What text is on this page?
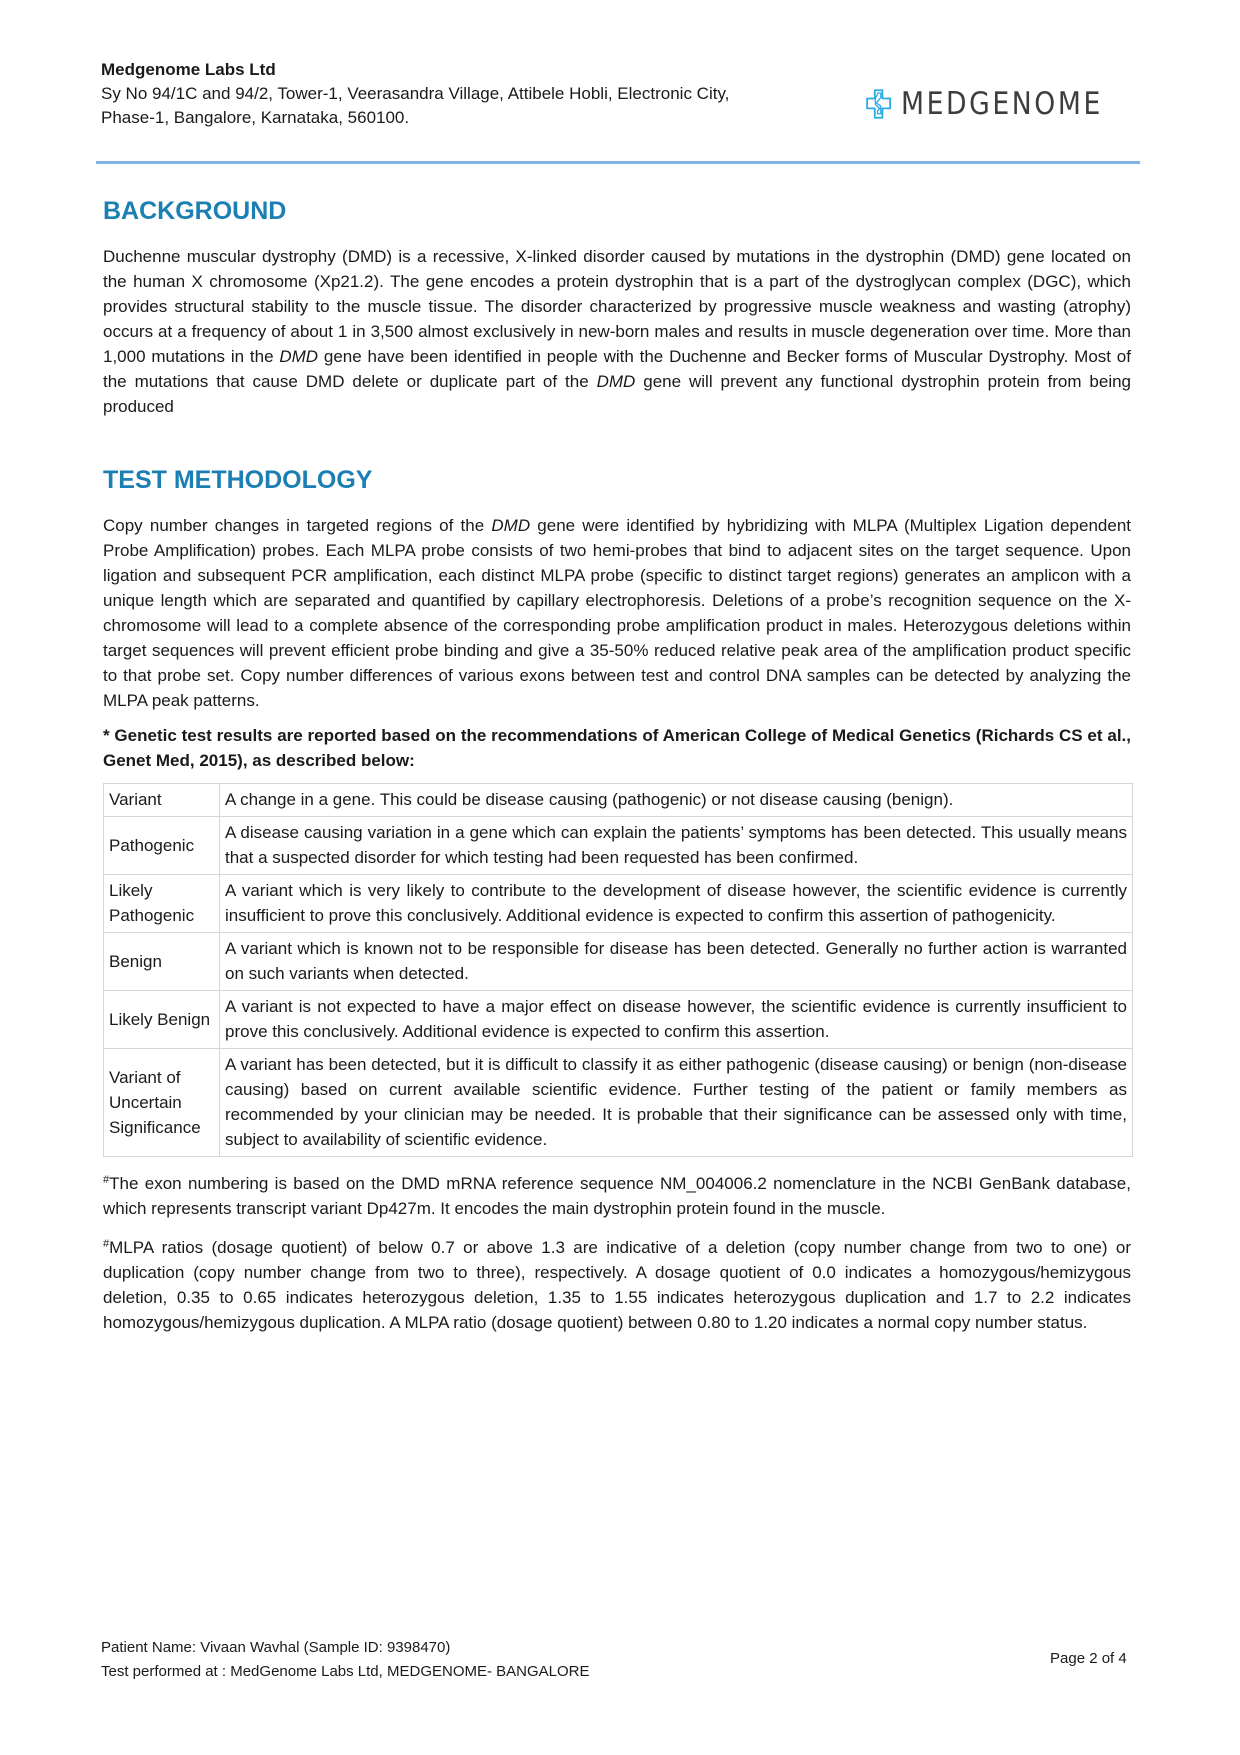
Medgenome Labs Ltd
Sy No 94/1C and 94/2, Tower-1, Veerasandra Village, Attibele Hobli, Electronic City,
Phase-1, Bangalore, Karnataka, 560100.	MEDGENOME
BACKGROUND

Duchenne muscular dystrophy (DMD) is a recessive, X-linked disorder caused by mutations in the dystrophin (DMD) gene located on the human X chromosome (Xp21.2). The gene encodes a protein dystrophin that is a part of the dystroglycan complex (DGC), which provides structural stability to the muscle tissue. The disorder characterized by progressive muscle weakness and wasting (atrophy) occurs at a frequency of about 1 in 3,500 almost exclusively in new-born males and results in muscle degeneration over time. More than 1,000 mutations in the DMD gene have been identified in people with the Duchenne and Becker forms of Muscular Dystrophy. Most of the mutations that cause DMD delete or duplicate part of the DMD gene will prevent any functional dystrophin protein from being produced

TEST METHODOLOGY

Copy number changes in targeted regions of the DMD gene were identified by hybridizing with MLPA (Multiplex Ligation dependent Probe Amplification) probes. Each MLPA probe consists of two hemi-probes that bind to adjacent sites on the target sequence. Upon ligation and subsequent PCR amplification, each distinct MLPA probe (specific to distinct target regions) generates an amplicon with a unique length which are separated and quantified by capillary electrophoresis. Deletions of a probe’s recognition sequence on the X-chromosome will lead to a complete absence of the corresponding probe amplification product in males. Heterozygous deletions within target sequences will prevent efficient probe binding and give a 35-50% reduced relative peak area of the amplification product specific to that probe set. Copy number differences of various exons between test and control DNA samples can be detected by analyzing the MLPA peak patterns.

* Genetic test results are reported based on the recommendations of American College of Medical Genetics (Richards CS et al., Genet Med, 2015), as described below:
Variant	A change in a gene. This could be disease causing (pathogenic) or not disease causing (benign).
Pathogenic	A disease causing variation in a gene which can explain the patients’ symptoms has been detected. This usually means that a suspected disorder for which testing had been requested has been confirmed.
Likely Pathogenic	A variant which is very likely to contribute to the development of disease however, the scientific evidence is currently insufficient to prove this conclusively. Additional evidence is expected to confirm this assertion of pathogenicity.
Benign	A variant which is known not to be responsible for disease has been detected. Generally no further action is warranted on such variants when detected.
Likely Benign	A variant is not expected to have a major effect on disease however, the scientific evidence is currently insufficient to prove this conclusively. Additional evidence is expected to confirm this assertion.
Variant of Uncertain Significance	A variant has been detected, but it is difficult to classify it as either pathogenic (disease causing) or benign (non-disease causing) based on current available scientific evidence. Further testing of the patient or family members as recommended by your clinician may be needed. It is probable that their significance can be assessed only with time, subject to availability of scientific evidence.
#The exon numbering is based on the DMD mRNA reference sequence NM_004006.2 nomenclature in the NCBI GenBank database, which represents transcript variant Dp427m. It encodes the main dystrophin protein found in the muscle.
#MLPA ratios (dosage quotient) of below 0.7 or above 1.3 are indicative of a deletion (copy number change from two to one) or duplication (copy number change from two to three), respectively. A dosage quotient of 0.0 indicates a homozygous/hemizygous deletion, 0.35 to 0.65 indicates heterozygous deletion, 1.35 to 1.55 indicates heterozygous duplication and 1.7 to 2.2 indicates homozygous/hemizygous duplication. A MLPA ratio (dosage quotient) between 0.80 to 1.20 indicates a normal copy number status.
Patient Name: Vivaan Wavhal (Sample ID: 9398470)
Test performed at : MedGenome Labs Ltd, MEDGENOME- BANGALORE
Page 2 of 4
